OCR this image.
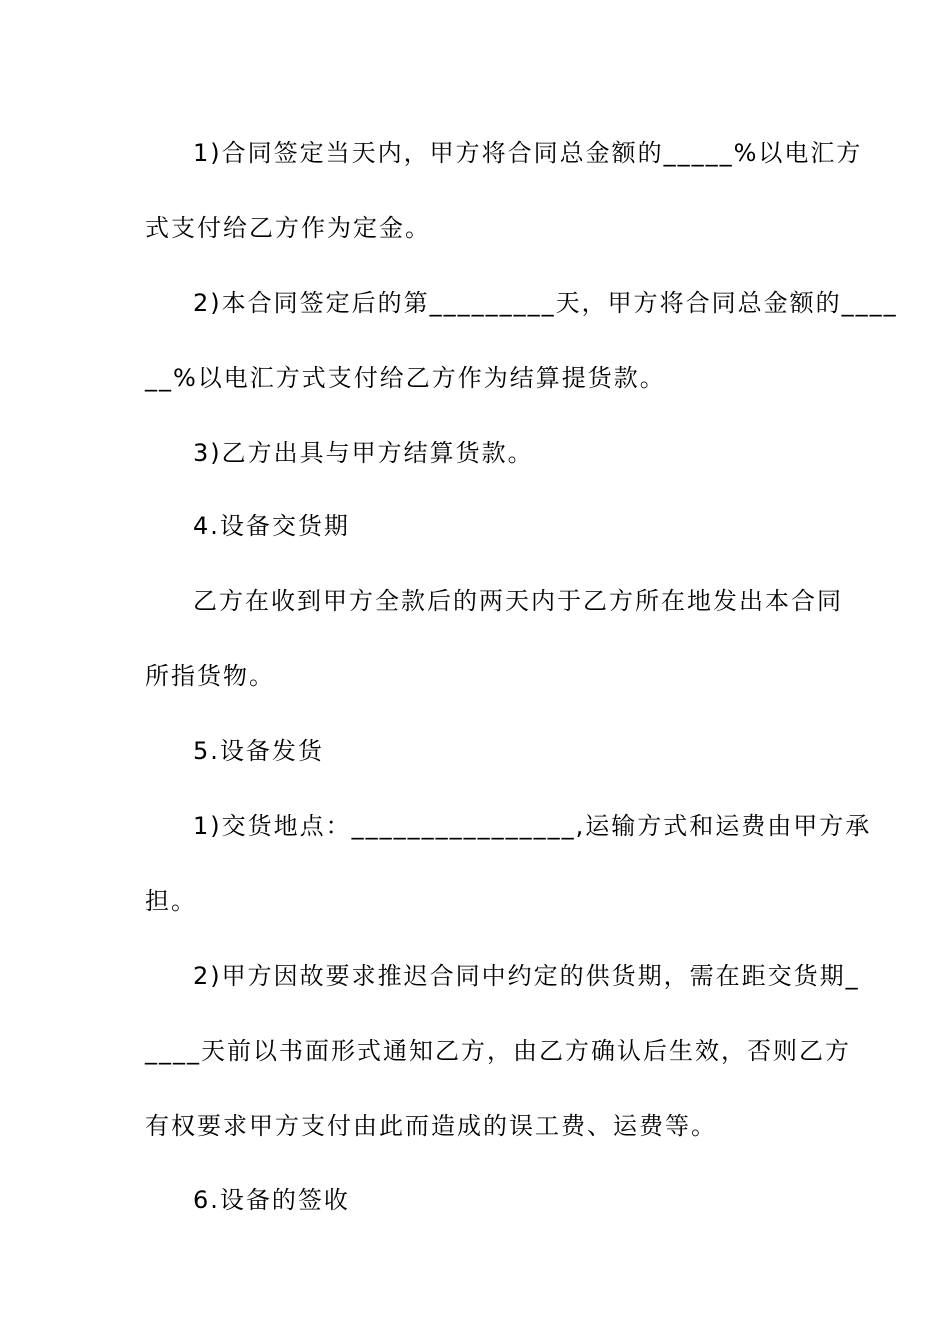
1)合同签定当天内，甲方将合同总金额的_____%以电汇方
式支付给乙方作为定金。
2)本合同签定后的第_________天，甲方将合同总金额的____
__%以电汇方式支付给乙方作为结算提货款。
3)乙方出具与甲方结算货款。
4.设备交货期
乙方在收到甲方全款后的两天内于乙方所在地发出本合同
所指货物。
5.设备发货
1)交货地点：________________,运输方式和运费由甲方承
担。
2)甲方因故要求推迟合同中约定的供货期，需在距交货期_
____天前以书面形式通知乙方，由乙方确认后生效，否则乙方
有权要求甲方支付由此而造成的误工费、运费等。
6.设备的签收
